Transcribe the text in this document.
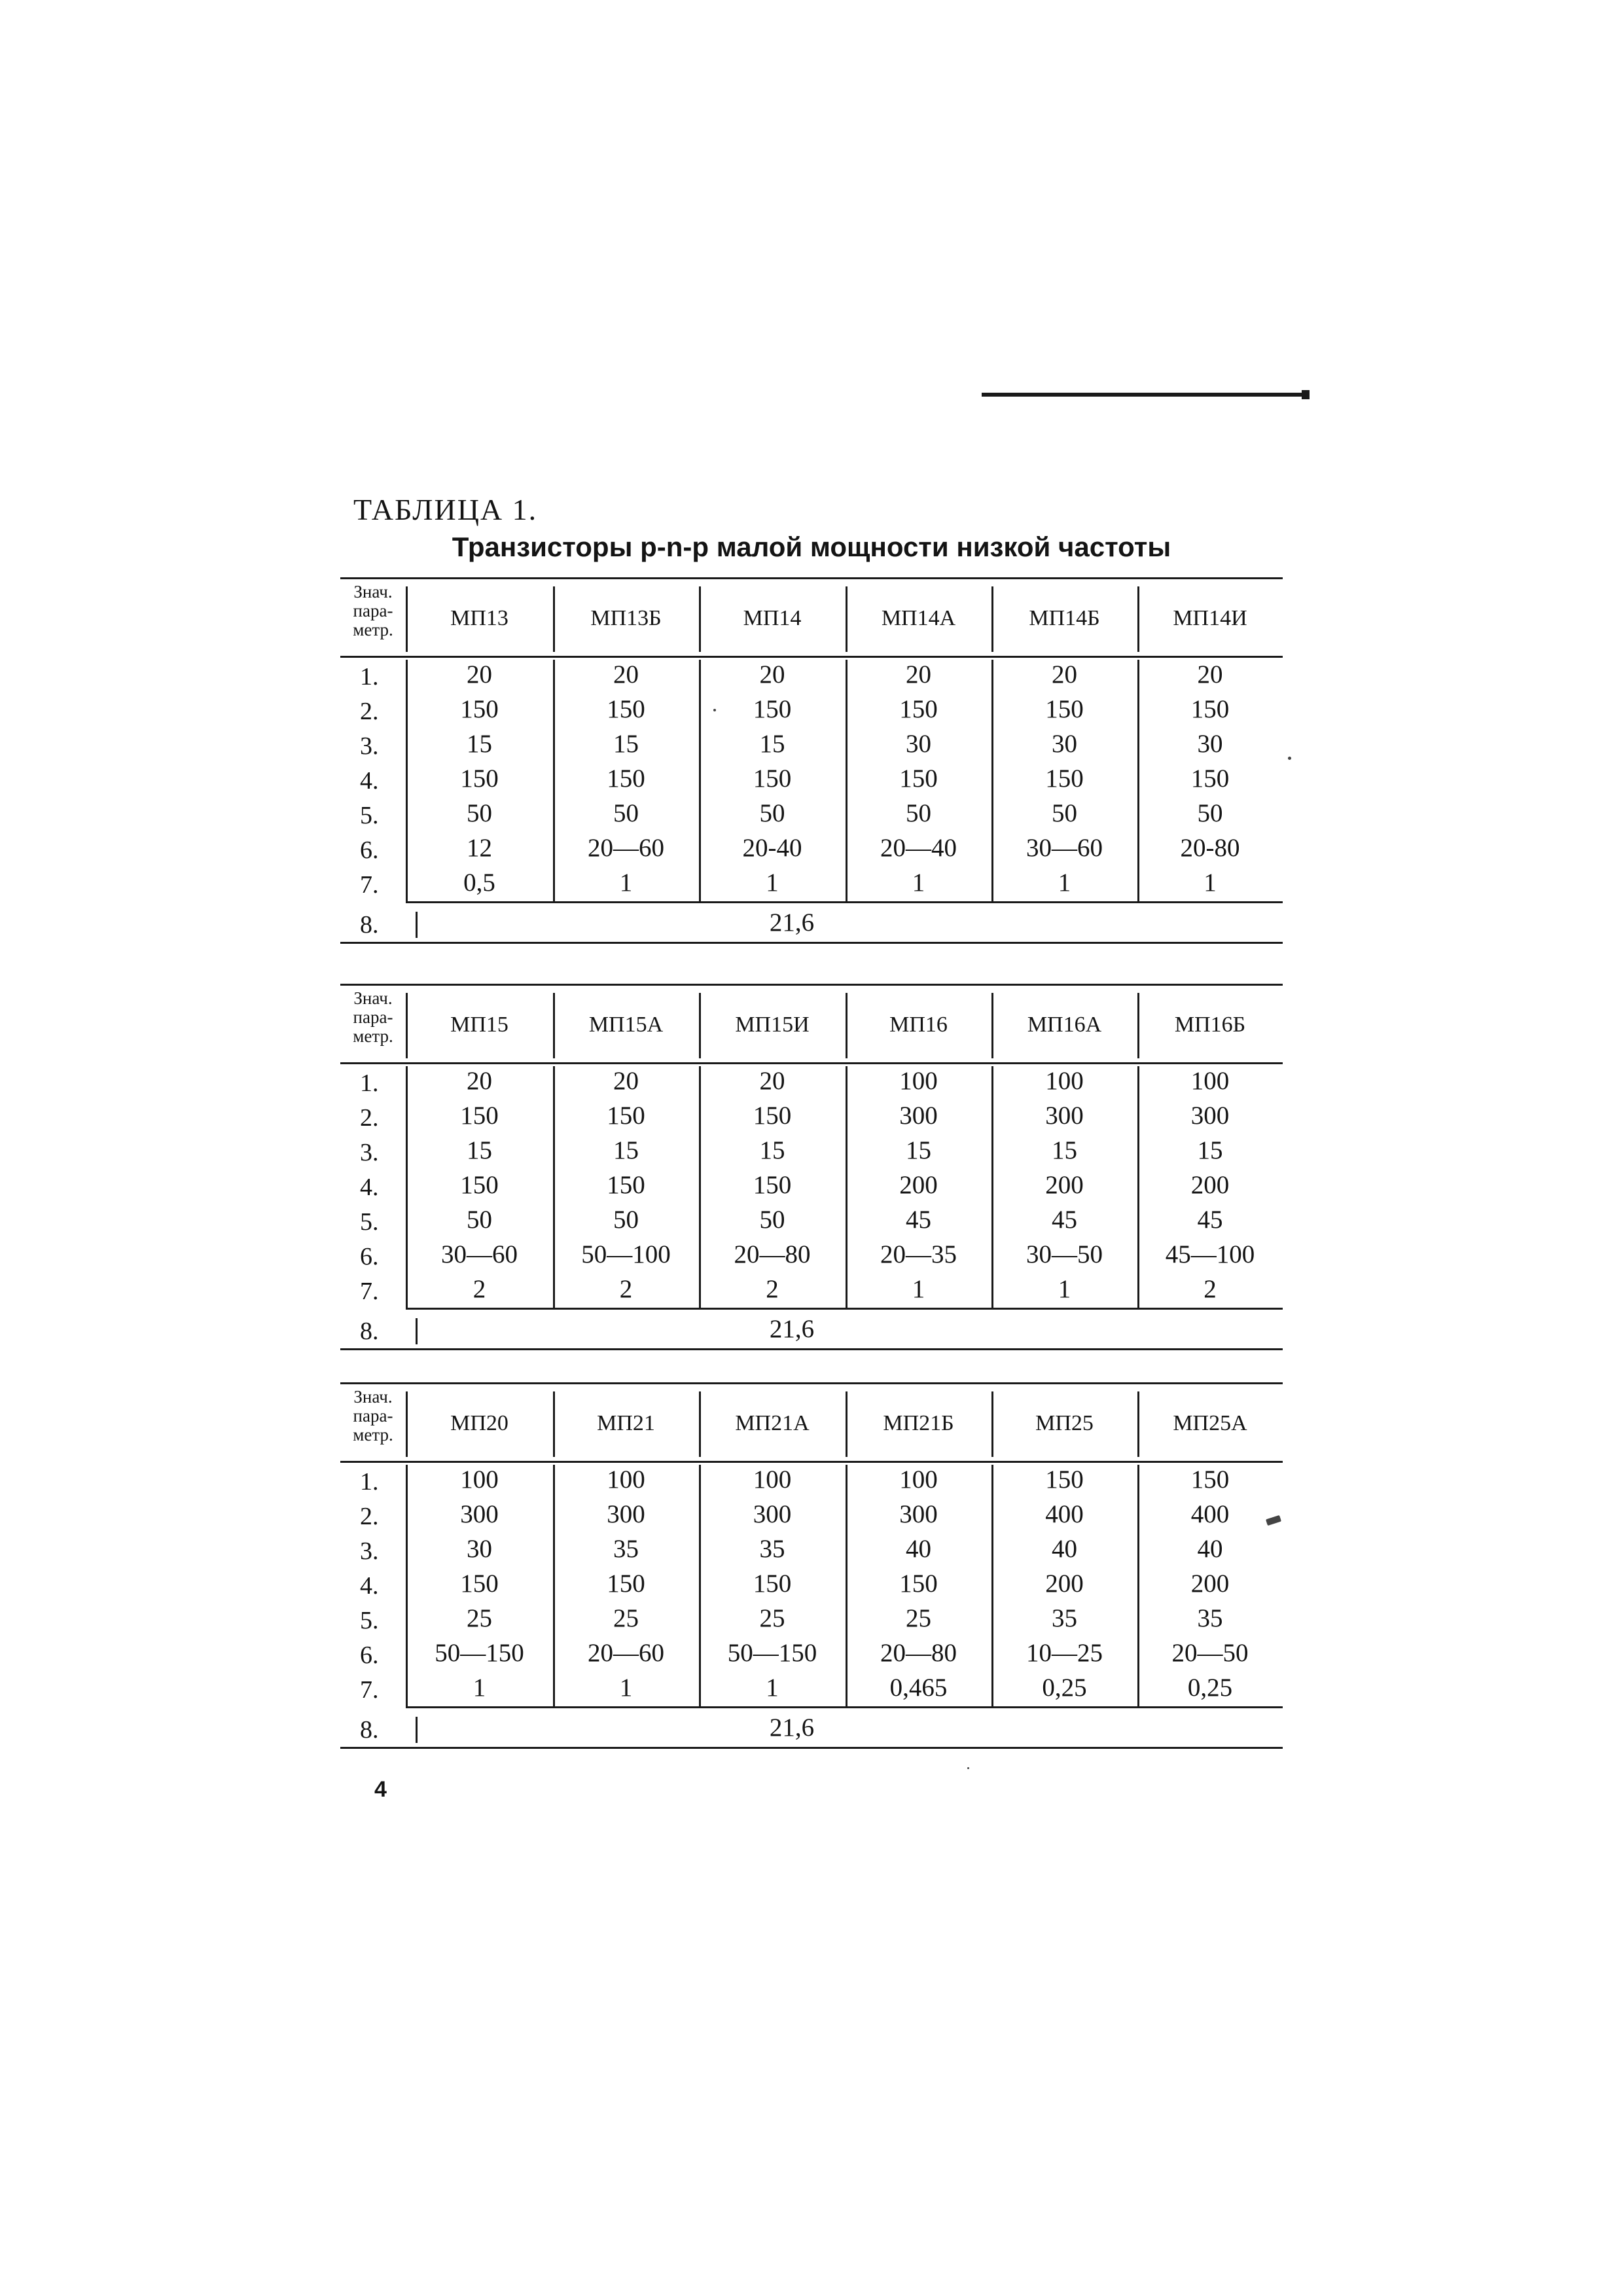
ТАБЛИЦА 1.
Транзисторы p-n-p малой мощности низкой частоты
Знач.
пара-
метр.	МП13	МП13Б	МП14	МП14А	МП14Б	МП14И
1.	20	20	20	20	20	20
2.	150	150	150	150	150	150
3.	15	15	15	30	30	30
4.	150	150	150	150	150	150
5.	50	50	50	50	50	50
6.	12	20—60	20-40	20—40	30—60	20-80
7.	0,5	1	1	1	1	1
8.	21,6
Знач.
пара-
метр.	МП15	МП15А	МП15И	МП16	МП16А	МП16Б
1.	20	20	20	100	100	100
2.	150	150	150	300	300	300
3.	15	15	15	15	15	15
4.	150	150	150	200	200	200
5.	50	50	50	45	45	45
6.	30—60	50—100	20—80	20—35	30—50	45—100
7.	2	2	2	1	1	2
8.	21,6
Знач.
пара-
метр.	МП20	МП21	МП21А	МП21Б	МП25	МП25А
1.	100	100	100	100	150	150
2.	300	300	300	300	400	400
3.	30	35	35	40	40	40
4.	150	150	150	150	200	200
5.	25	25	25	25	35	35
6.	50—150	20—60	50—150	20—80	10—25	20—50
7.	1	1	1	0,465	0,25	0,25
8.	21,6
4
